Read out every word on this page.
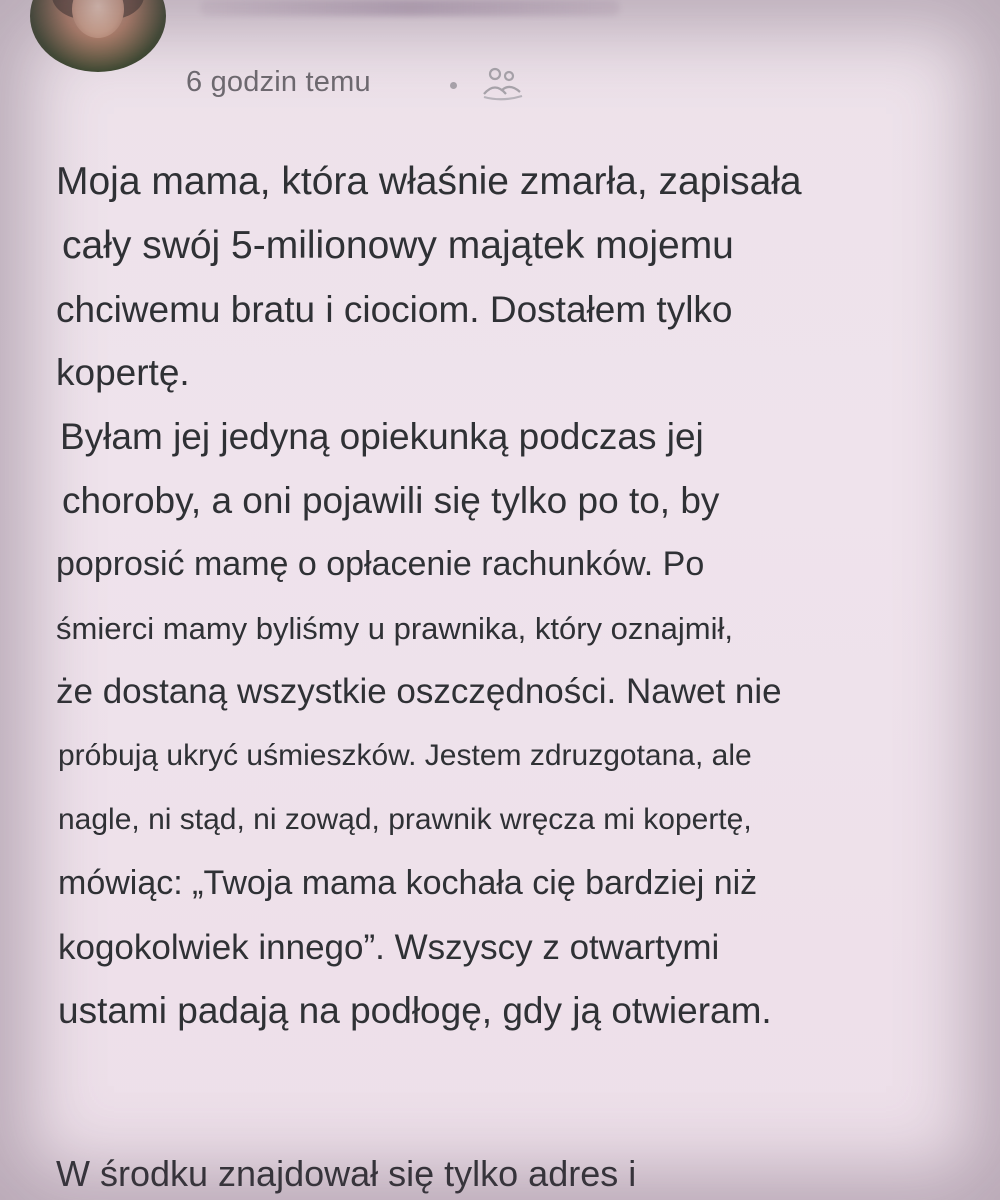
6 godzin temu
Moja mama, która właśnie zmarła, zapisała
cały swój 5-milionowy majątek mojemu
chciwemu bratu i ciociom. Dostałem tylko
kopertę.
Byłam jej jedyną opiekunką podczas jej
choroby, a oni pojawili się tylko po to, by
poprosić mamę o opłacenie rachunków. Po
śmierci mamy byliśmy u prawnika, który oznajmił,
że dostaną wszystkie oszczędności. Nawet nie
próbują ukryć uśmieszków. Jestem zdruzgotana, ale
nagle, ni stąd, ni zowąd, prawnik wręcza mi kopertę,
mówiąc: „Twoja mama kochała cię bardziej niż
kogokolwiek innego”. Wszyscy z otwartymi
ustami padają na podłogę, gdy ją otwieram.
W środku znajdował się tylko adres i
